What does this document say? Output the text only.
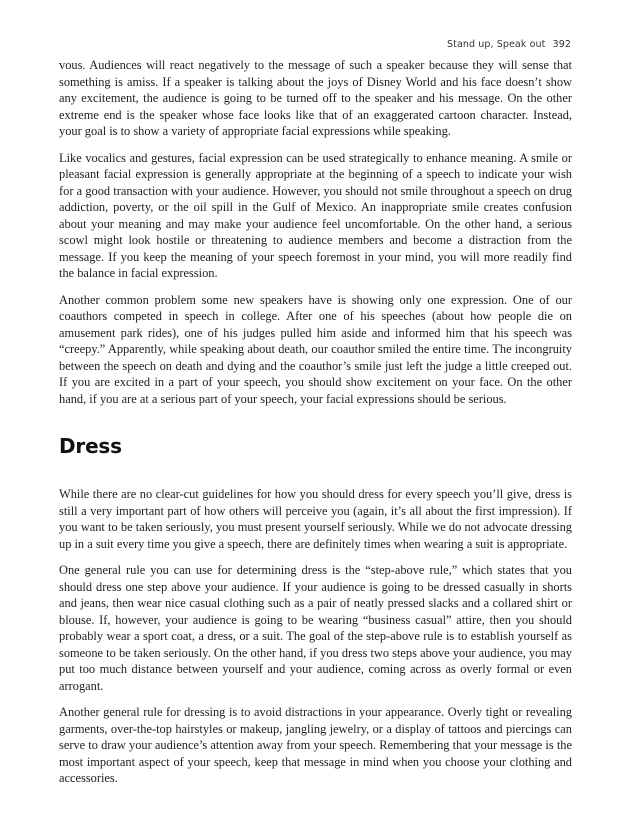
Stand up, Speak out 392

vous. Audiences will react negatively to the message of such a speaker because they will sense that something is amiss. If a speaker is talking about the joys of Disney World and his face doesn’t show any excitement, the audience is going to be turned off to the speaker and his message. On the other extreme end is the speaker whose face looks like that of an exaggerated cartoon character. Instead, your goal is to show a variety of appropriate facial expressions while speaking.

Like vocalics and gestures, facial expression can be used strategically to enhance meaning. A smile or pleasant facial expression is generally appropriate at the beginning of a speech to indicate your wish for a good transaction with your audience. However, you should not smile throughout a speech on drug addiction, poverty, or the oil spill in the Gulf of Mexico. An inappropriate smile creates confusion about your meaning and may make your audience feel uncomfortable. On the other hand, a serious scowl might look hostile or threatening to audience members and become a distraction from the message. If you keep the meaning of your speech foremost in your mind, you will more readily find the balance in facial expression.

Another common problem some new speakers have is showing only one expression. One of our coauthors competed in speech in college. After one of his speeches (about how people die on amusement park rides), one of his judges pulled him aside and informed him that his speech was “creepy.” Apparently, while speaking about death, our coauthor smiled the entire time. The incongruity between the speech on death and dying and the coauthor’s smile just left the judge a little creeped out. If you are excited in a part of your speech, you should show excitement on your face. On the other hand, if you are at a serious part of your speech, your facial expressions should be serious.

Dress

While there are no clear-cut guidelines for how you should dress for every speech you’ll give, dress is still a very important part of how others will perceive you (again, it’s all about the first impression). If you want to be taken seriously, you must present yourself seriously. While we do not advocate dressing up in a suit every time you give a speech, there are definitely times when wearing a suit is appropriate.

One general rule you can use for determining dress is the “step-above rule,” which states that you should dress one step above your audience. If your audience is going to be dressed casually in shorts and jeans, then wear nice casual clothing such as a pair of neatly pressed slacks and a collared shirt or blouse. If, however, your audience is going to be wearing “business casual” attire, then you should probably wear a sport coat, a dress, or a suit. The goal of the step-above rule is to establish yourself as someone to be taken seriously. On the other hand, if you dress two steps above your audience, you may put too much distance between yourself and your audience, coming across as overly formal or even arrogant.

Another general rule for dressing is to avoid distractions in your appearance. Overly tight or revealing garments, over-the-top hairstyles or makeup, jangling jewelry, or a display of tattoos and piercings can serve to draw your audience’s attention away from your speech. Remembering that your message is the most important aspect of your speech, keep that message in mind when you choose your clothing and accessories.
